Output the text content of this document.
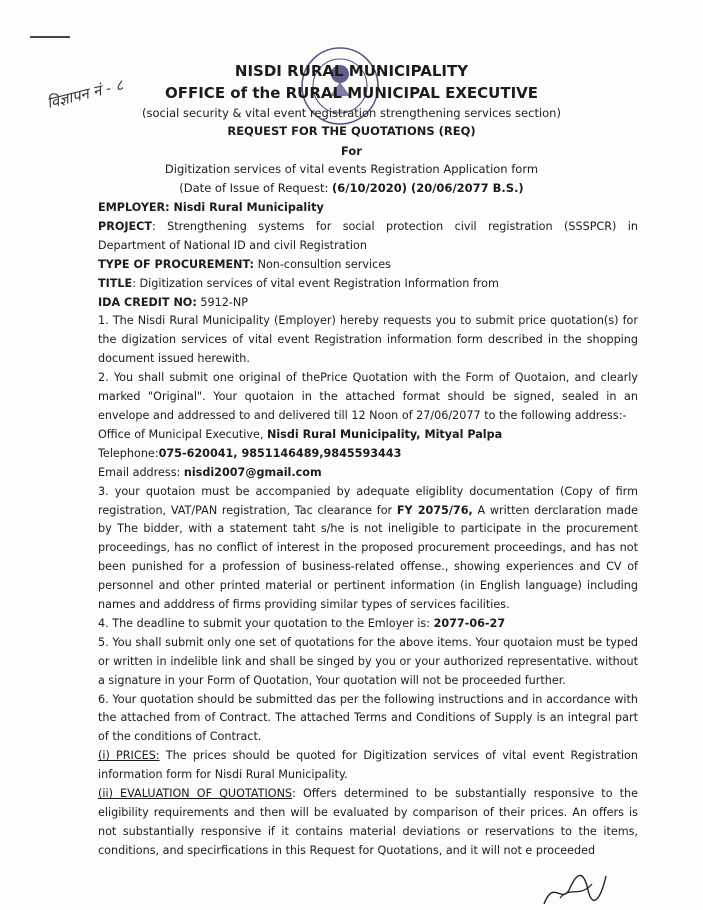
विज्ञापन नं - ८
NISDI RURAL MUNICIPALITY
OFFICE of the RURAL MUNICIPAL EXECUTIVE
(social security & vital event registration strengthening services section)
REQUEST FOR THE QUOTATIONS (REQ)
For
Digitization services of vital events Registration Application form
(Date of Issue of Request: (6/10/2020) (20/06/2077 B.S.)

EMPLOYER: Nisdi Rural Municipality

PROJECT: Strengthening systems for social protection civil registration (SSSPCR) in Department of National ID and civil Registration

TYPE OF PROCUREMENT: Non-consultion services

TITLE: Digitization services of vital event Registration Information from

IDA CREDIT NO: 5912-NP

1. The Nisdi Rural Municipality (Employer) hereby requests you to submit price quotation(s) for the digization services of vital event Registration information form described in the shopping document issued herewith.

2. You shall submit one original of thePrice Quotation with the Form of Quotaion, and clearly marked "Original". Your quotaion in the attached format should be signed, sealed in an envelope and addressed to and delivered till 12 Noon of 27/06/2077 to the following address:-

Office of Municipal Executive, Nisdi Rural Municipality, Mityal Palpa

Telephone:075-620041, 9851146489,9845593443

Email address: nisdi2007@gmail.com

3. your quotaion must be accompanied by adequate eligiblity documentation (Copy of firm registration, VAT/PAN registration, Tac clearance for FY 2075/76, A written derclaration made by The bidder, with a statement taht s/he is not ineligible to participate in the procurement proceedings, has no conflict of interest in the proposed procurement proceedings, and has not been punished for a profession of business-related offense., showing experiences and CV of personnel and other printed material or pertinent information (in English language) including names and adddress of firms providing similar types of services facilities.

4. The deadline to submit your quotation to the Emloyer is: 2077-06-27

5. You shall submit only one set of quotations for the above items. Your quotaion must be typed or written in indelible link and shall be singed by you or your authorized representative. without a signature in your Form of Quotation, Your quotation will not be proceeded further.

6. Your quotation should be submitted das per the following instructions and in accordance with the attached from of Contract. The attached Terms and Conditions of Supply is an integral part of the conditions of Contract.

(i) PRICES: The prices should be quoted for Digitization services of vital event Registration information form for Nisdi Rural Municipality.

(ii) EVALUATION OF QUOTATIONS: Offers determined to be substantially responsive to the eligibility requirements and then will be evaluated by comparison of their prices. An offers is not substantially responsive if it contains material deviations or reservations to the items, conditions, and specirfications in this Request for Quotations, and it will not e proceeded
